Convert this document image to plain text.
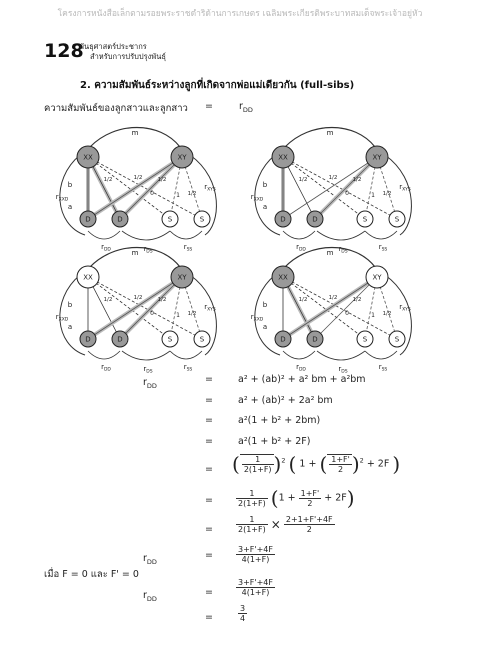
โครงการหนังสือเล็กตามรอยพระราชดำริด้านการเกษตร เฉลิมพระเกียรติพระบาทสมเด็จพระเจ้าอยู่หัว
128
พันธุศาสตร์ประชากร
สำหรับการปรับปรุงพันธุ์
2. ความสัมพันธ์ระหว่างลูกที่เกิดจากพ่อแม่เดียวกัน (full-sibs)
ความสัมพันธ์ของลูกสาวและลูกสาว =	$r_{DD}$
1/2	1/2	1/2
1 1/2
0
XX	XY
D	D	S	S
m
b
a
$r_{XXD}$
$r_{XYS}$
$r_{DD}$	$r_{DS}$
$r_{SS}$
1/2	1/2	1/2
1 1/2
0
XX	XY
D	D	S	S
m
b
a
$r_{XXD}$
$r_{XYS}$
$r_{DD}$	$r_{DS}$
$r_{SS}$
1/2	1/2	1/2
1 1/2
0
XX	XY
D	D	S	S
m
b
a
$r_{XXD}$
$r_{XYS}$
$r_{DD}$	$r_{DS}$
$r_{SS}$
1/2	1/2	1/2
1 1/2
0
XX	XY
D	D	S	S
m
b
a
$r_{XXD}$
$r_{XYS}$
$r_{DD}$	$r_{DS}$
$r_{SS}$
$r_{DD}$
=	a² + (ab)² + a² bm + a²bm
=	a² + (ab)² + 2a² bm
=	a²(1 + b² + 2bm)
=	a²(1 + b² + 2F)
= ( $\frac{1}{2(1+F)} )^2$ ( 1 + ( $\frac{1+F'}{2} )^2 + 2F$ )
=	$\frac{1}{2(1+F)} (1 + \frac{1+F'}{2} + 2F)$
=	$\frac{1}{2(1+F)} \times \frac{2+1+F'+4F}{2}$
$r_{DD}$
=	$\frac{3+F'+4F}{4(1+F)}$
เมื่อ F = 0 และ F' = 0
$r_{DD}$
=	$\frac{3+F'+4F}{4(1+F)}$
=	$\frac{3}{4}$
